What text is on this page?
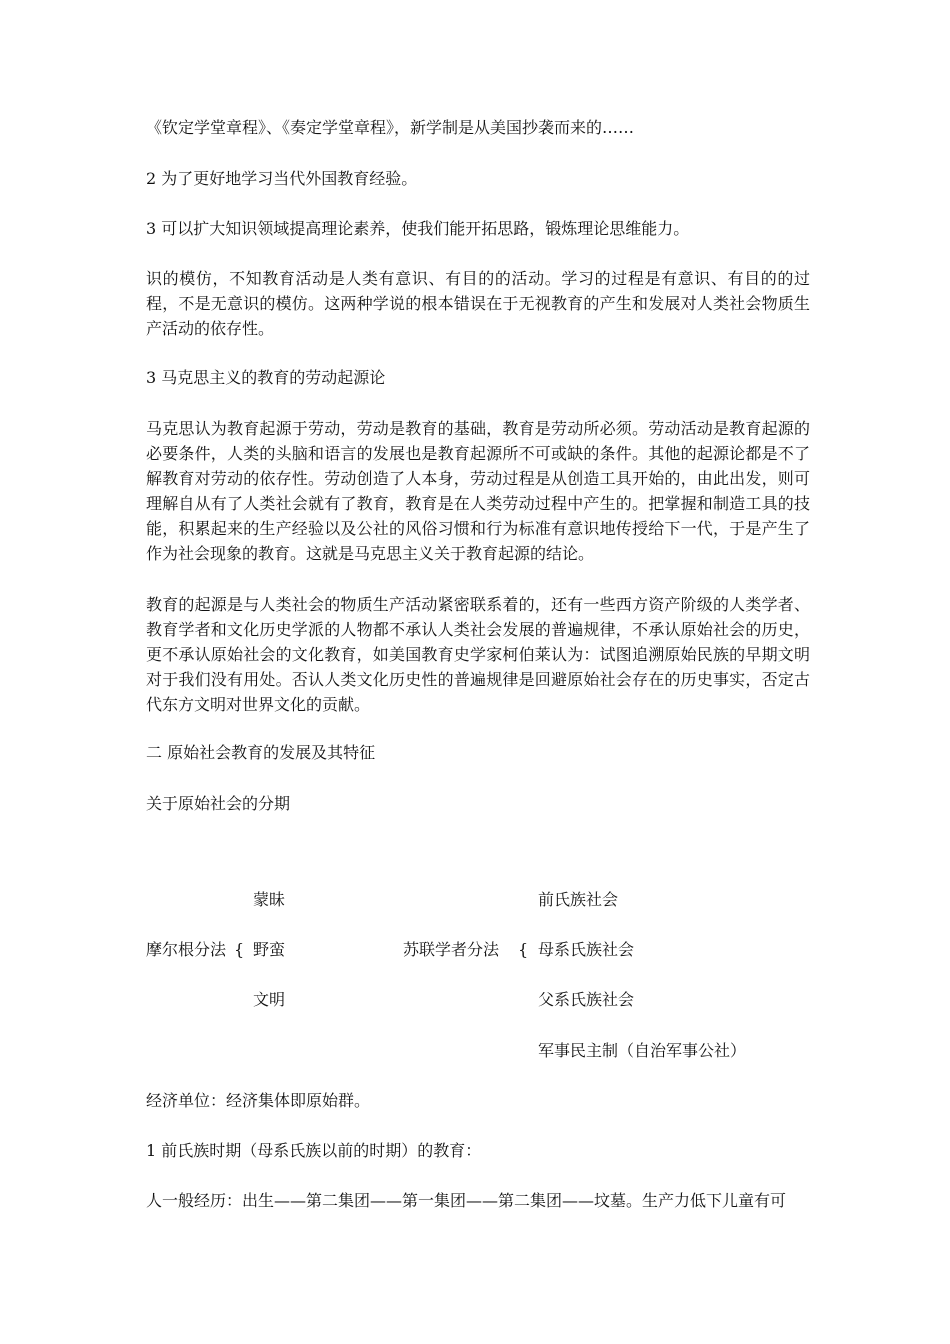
《钦定学堂章程》、《奏定学堂章程》，新学制是从美国抄袭而来的……
2 为了更好地学习当代外国教育经验。
3 可以扩大知识领域提高理论素养，使我们能开拓思路，锻炼理论思维能力。
识的模仿，不知教育活动是人类有意识、有目的的活动。学习的过程是有意识、有目的的过程，不是无意识的模仿。这两种学说的根本错误在于无视教育的产生和发展对人类社会物质生产活动的依存性。
3 马克思主义的教育的劳动起源论
马克思认为教育起源于劳动，劳动是教育的基础，教育是劳动所必须。劳动活动是教育起源的必要条件，人类的头脑和语言的发展也是教育起源所不可或缺的条件。其他的起源论都是不了解教育对劳动的依存性。劳动创造了人本身，劳动过程是从创造工具开始的，由此出发，则可理解自从有了人类社会就有了教育，教育是在人类劳动过程中产生的。把掌握和制造工具的技能，积累起来的生产经验以及公社的风俗习惯和行为标准有意识地传授给下一代，于是产生了作为社会现象的教育。这就是马克思主义关于教育起源的结论。
教育的起源是与人类社会的物质生产活动紧密联系着的，还有一些西方资产阶级的人类学者、教育学者和文化历史学派的人物都不承认人类社会发展的普遍规律，不承认原始社会的历史，更不承认原始社会的文化教育，如美国教育史学家柯伯莱认为：试图追溯原始民族的早期文明对于我们没有用处。否认人类文化历史性的普遍规律是回避原始社会存在的历史事实，否定古代东方文明对世界文化的贡献。
二 原始社会教育的发展及其特征
关于原始社会的分期
蒙昧
摩尔根分法 { 野蛮
文明
前氏族社会
苏联学者分法 { 母系氏族社会
父系氏族社会
军事民主制（自治军事公社）
经济单位：经济集体即原始群。
1 前氏族时期（母系氏族以前的时期）的教育：
人一般经历：出生——第二集团——第一集团——第二集团——坟墓。生产力低下儿童有可
